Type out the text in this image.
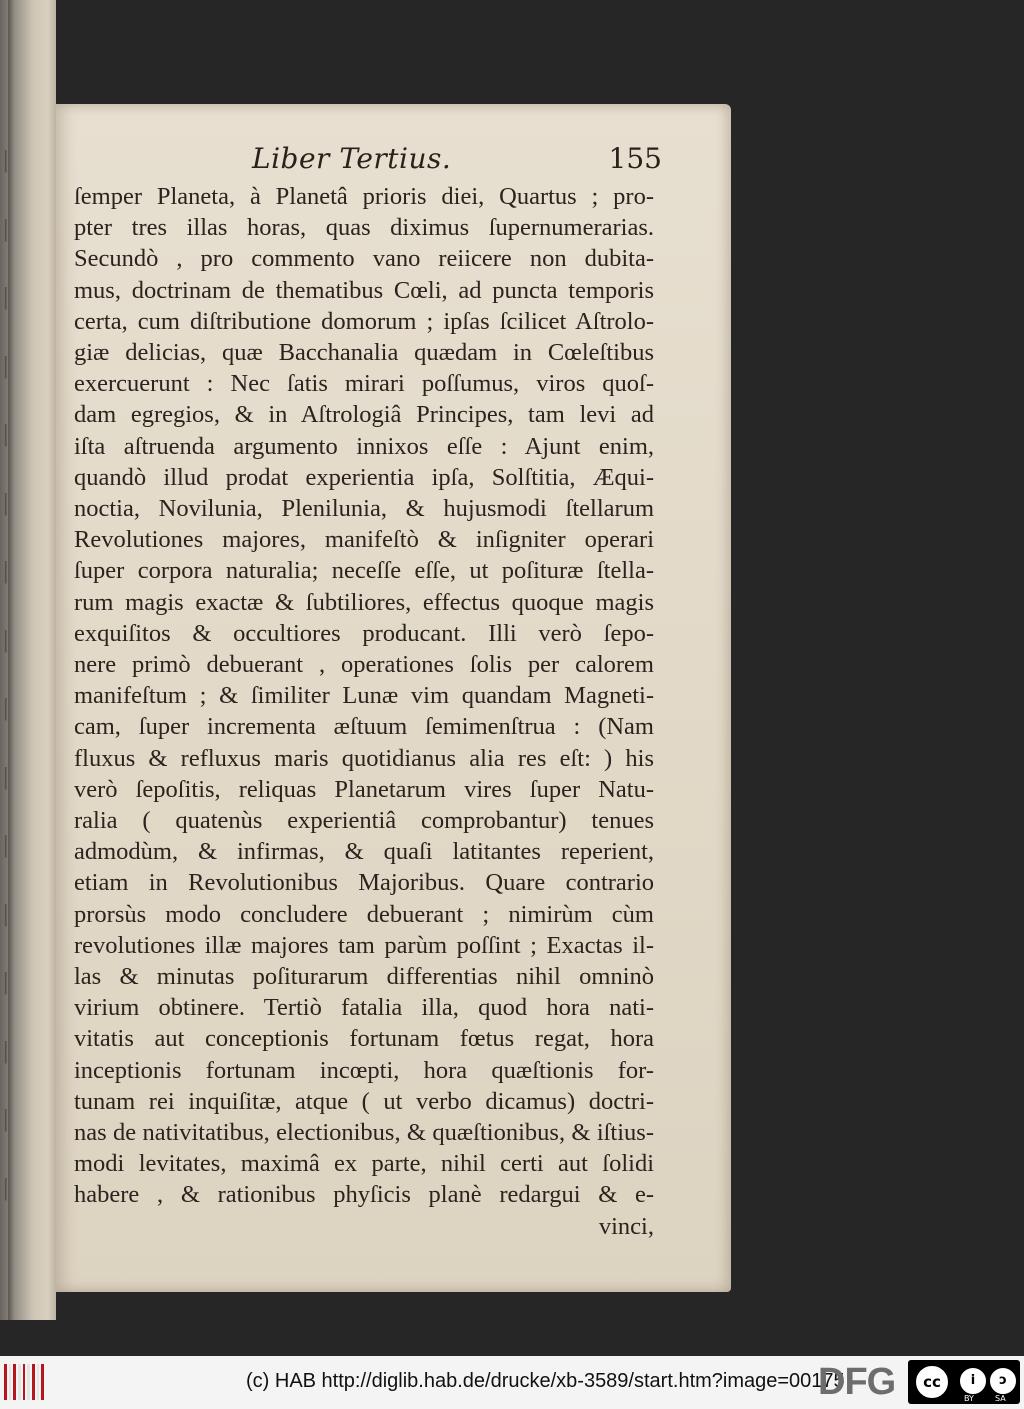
|
|
|
|
|
|
|
|
|
|
|
|
|
|
|
|
Liber Tertius.	155
ſemper Planeta, à Planetâ prioris diei, Quartus ; pro-
pter tres illas horas, quas diximus ſupernumerarias.
Secundò , pro commento vano reiicere non dubita-
mus, doctrinam de thematibus Cœli, ad puncta temporis
certa, cum diſtributione domorum ; ipſas ſcilicet Aſtrolo-
giæ delicias, quæ Bacchanalia quædam in Cœleſtibus
exercuerunt : Nec ſatis mirari poſſumus, viros quoſ-
dam egregios, & in Aſtrologiâ Principes, tam levi ad
iſta aſtruenda argumento innixos eſſe : Ajunt enim,
quandò illud prodat experientia ipſa, Solſtitia, Æqui-
noctia, Novilunia, Plenilunia, & hujusmodi ſtellarum
Revolutiones majores, manifeſtò & inſigniter operari
ſuper corpora naturalia; neceſſe eſſe, ut poſituræ ſtella-
rum magis exactæ & ſubtiliores, effectus quoque magis
exquiſitos & occultiores producant. Illi verò ſepo-
nere primò debuerant , operationes ſolis per calorem
manifeſtum ; & ſimiliter Lunæ vim quandam Magneti-
cam, ſuper incrementa æſtuum ſemimenſtrua : (Nam
fluxus & refluxus maris quotidianus alia res eſt: ) his
verò ſepoſitis, reliquas Planetarum vires ſuper Natu-
ralia ( quatenùs experientiâ comprobantur) tenues
admodùm, & infirmas, & quaſi latitantes reperient,
etiam in Revolutionibus Majoribus. Quare contrario
prorsùs modo concludere debuerant ; nimirùm cùm
revolutiones illæ majores tam parùm poſſint ; Exactas il-
las & minutas poſiturarum differentias nihil omninò
virium obtinere. Tertiò fatalia illa, quod hora nati-
vitatis aut conceptionis fortunam fœtus regat, hora
inceptionis fortunam incœpti, hora quæſtionis for-
tunam rei inquiſitæ, atque ( ut verbo dicamus) doctri-
nas de nativitatibus, electionibus, & quæſtionibus, & iſtius-
modi levitates, maximâ ex parte, nihil certi aut ſolidi
habere , & rationibus phyſicis planè redargui & e-
vinci,
(c) HAB http://diglib.hab.de/drucke/xb-3589/start.htm?image=00175
DFG	cc	i	ↄ
BY	SA
